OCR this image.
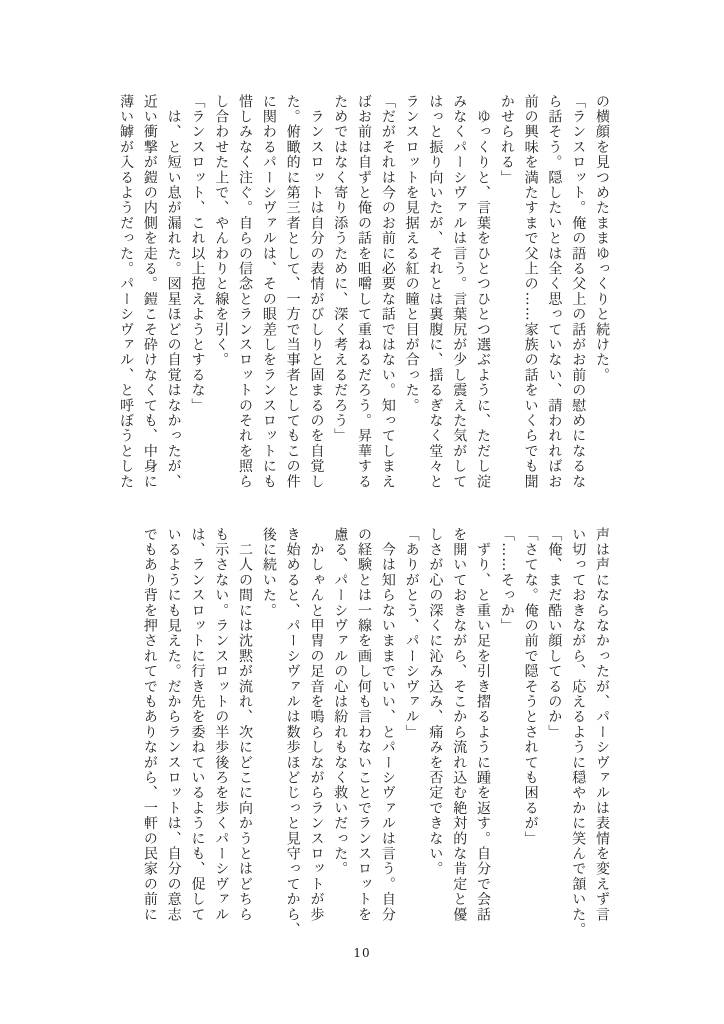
の横顔を見つめたままゆっくりと続けた。
「ランスロット。俺の語る父上の話がお前の慰めになるな
ら話そう。隠したいとは全く思っていない、請われればお
前の興味を満たすまで父上の……家族の話をいくらでも聞
かせられる」
　ゆっくりと、言葉をひとつひとつ選ぶように、ただし淀
みなくパーシヴァルは言う。言葉尻が少し震えた気がして
はっと振り向いたが、それとは裏腹に、揺るぎなく堂々と
ランスロットを見据える紅の瞳と目が合った。
「だがそれは今のお前に必要な話ではない。知ってしまえ
ばお前は自ずと俺の話を咀嚼して重ねるだろう。昇華する
ためではなく寄り添うために、深く考えるだろう」
　ランスロットは自分の表情がびしりと固まるのを自覚し
た。俯瞰的に第三者として、一方で当事者としてもこの件
に関わるパーシヴァルは、その眼差しをランスロットにも
惜しみなく注ぐ。自らの信念とランスロットのそれを照ら
し合わせた上で、やんわりと線を引く。
「ランスロット、これ以上抱えようとするな」
　は、と短い息が漏れた。図星ほどの自覚はなかったが、
近い衝撃が鎧の内側を走る。鎧こそ砕けなくても、中身に
薄い罅が入るようだった。パーシヴァル、と呼ぼうとした
声は声にならなかったが、パーシヴァルは表情を変えず言
い切っておきながら、応えるように穏やかに笑んで頷いた。
「俺、まだ酷い顔してるのか」
「さてな。俺の前で隠そうとされても困るが」
「……そっか」
　ずり、と重い足を引き摺るように踵を返す。自分で会話
を開いておきながら、そこから流れ込む絶対的な肯定と優
しさが心の深くに沁み込み、痛みを否定できない。
「ありがとう、パーシヴァル」
　今は知らないままでいい、とパーシヴァルは言う。自分
の経験とは一線を画し何も言わないことでランスロットを
慮る、パーシヴァルの心は紛れもなく救いだった。
　かしゃんと甲冑の足音を鳴らしながらランスロットが歩
き始めると、パーシヴァルは数歩ほどじっと見守ってから、
後に続いた。
　二人の間には沈黙が流れ、次にどこに向かうとはどちら
も示さない。ランスロットの半歩後ろを歩くパーシヴァル
は、ランスロットに行き先を委ねているようにも、促して
いるようにも見えた。だからランスロットは、自分の意志
でもあり背を押されてでもありながら、一軒の民家の前に
10
